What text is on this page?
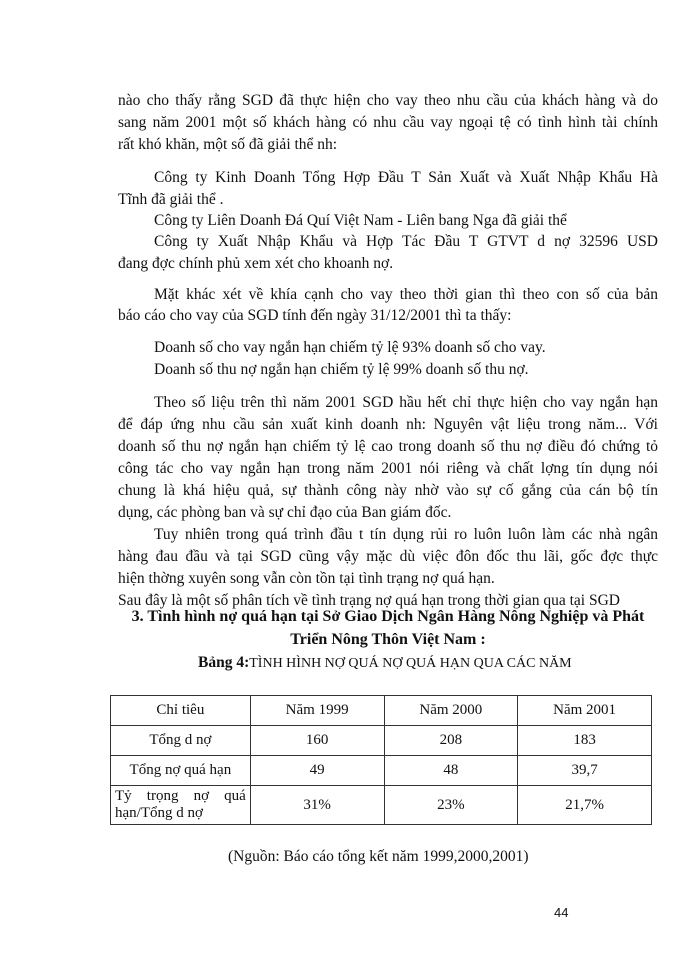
nào cho thấy rằng SGD đã thực hiện cho vay theo nhu cầu của khách hàng và do
sang năm 2001 một số khách hàng có nhu cầu vay ngoại tệ có tình hình tài chính
rất khó khăn, một số đã giải thể nh:
Công ty Kinh Doanh Tổng Hợp Đầu T Sản Xuất và Xuất Nhập Khẩu Hà
Tĩnh đã giải thể .
Công ty Liên Doanh Đá Quí Việt Nam - Liên bang Nga đã giải thể
Công ty Xuất Nhập Khẩu và Hợp Tác Đầu T GTVT d nợ 32596 USD
đang đợc chính phủ xem xét cho khoanh nợ.
Mặt khác xét về khía cạnh cho vay theo thời gian thì theo con số của bản
báo cáo cho vay của SGD tính đến ngày 31/12/2001 thì ta thấy:
Doanh số cho vay ngắn hạn chiếm tỷ lệ 93% doanh số cho vay.
Doanh số thu nợ ngắn hạn chiếm tỷ lệ 99% doanh số thu nợ.
Theo số liệu trên thì năm 2001 SGD hầu hết chỉ thực hiện cho vay ngắn hạn
để đáp ứng nhu cầu sản xuất kinh doanh nh: Nguyên vật liệu trong năm... Với
doanh số thu nợ ngắn hạn chiếm tỷ lệ cao trong doanh số thu nợ điều đó chứng tỏ
công tác cho vay ngắn hạn trong năm 2001 nói riêng và chất lợng tín dụng nói
chung là khá hiệu quả, sự thành công này nhờ vào sự cố gắng của cán bộ tín
dụng, các phòng ban và sự chỉ đạo của Ban giám đốc.
Tuy nhiên trong quá trình đầu t tín dụng rủi ro luôn luôn làm các nhà ngân
hàng đau đầu và tại SGD cũng vậy mặc dù việc đôn đốc thu lãi, gốc đợc thực
hiện thờng xuyên song vẫn còn tồn tại tình trạng nợ quá hạn.
Sau đây là một số phân tích về tình trạng nợ quá hạn trong thời gian qua tại SGD
3. Tình hình nợ quá hạn tại Sở Giao Dịch Ngân Hàng Nông Nghiệp và Phát
Triển Nông Thôn Việt Nam :
Bảng 4:TÌNH HÌNH NỢ QUÁ NỢ QUÁ HẠN QUA CÁC NĂM
Chỉ tiêu	Năm 1999	Năm 2000	Năm 2001
Tổng d nợ	160	208	183
Tổng nợ quá hạn	49	48	39,7
Tỷ trọng nợ quá hạn/Tổng d nợ	31%	23%	21,7%
(Nguồn: Báo cáo tổng kết năm 1999,2000,2001)
44
